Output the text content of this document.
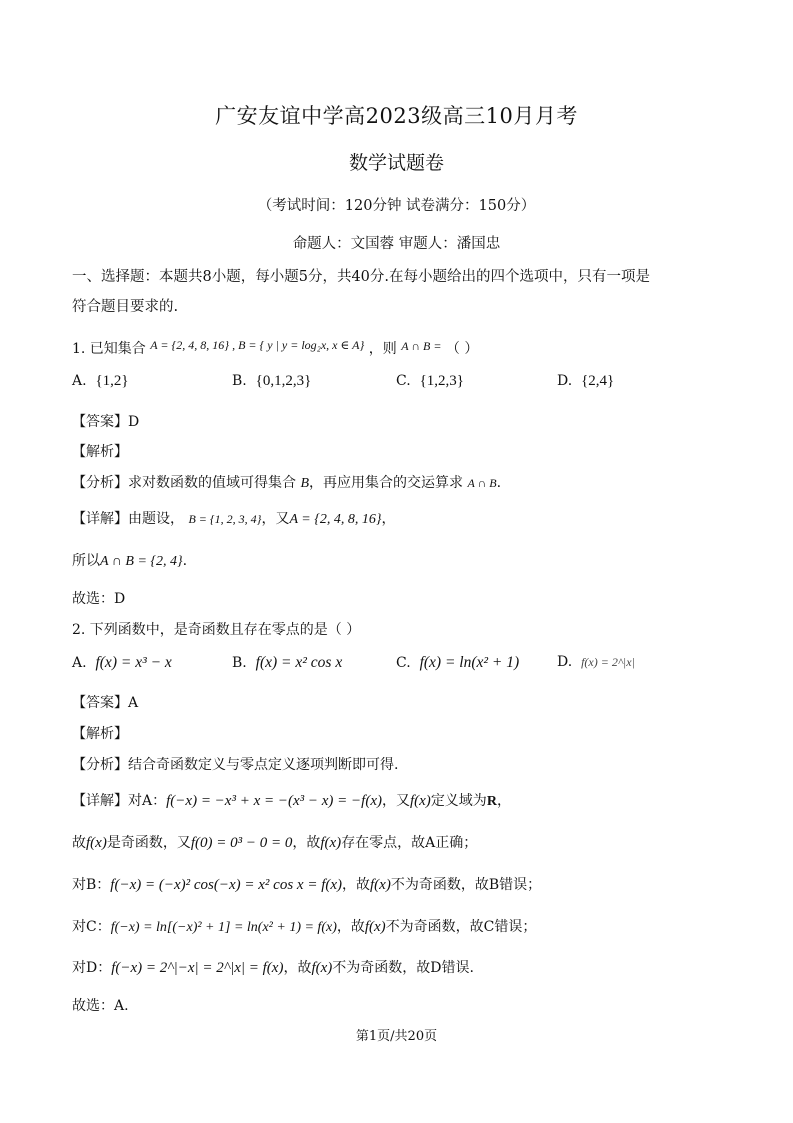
广安友谊中学高2023级高三10月月考
数学试题卷
（考试时间：120分钟 试卷满分：150分）
命题人：文国蓉 审题人：潘国忠
一、选择题：本题共8小题，每小题5分，共40分.在每小题给出的四个选项中，只有一项是
符合题目要求的.
1. 已知集合 A = {2, 4, 8, 16} , B = { y | y = log₂x, x ∈ A} ，则 A ∩ B = （ ）
A. {1,2}	B. {0,1,2,3}	C. {1,2,3}	D. {2,4}
【答案】D
【解析】
【分析】求对数函数的值域可得集合 B，再应用集合的交运算求 A ∩ B.
【详解】由题设， B = {1, 2, 3, 4}，又A = {2, 4, 8, 16}，
所以A ∩ B = {2, 4}.
故选：D
2. 下列函数中，是奇函数且存在零点的是（ ）
A. f(x) = x³ − x	B. f(x) = x² cos x	C. f(x) = ln(x² + 1)	D. f(x) = 2^|x|
【答案】A
【解析】
【分析】结合奇函数定义与零点定义逐项判断即可得.
【详解】对A：f(−x) = −x³ + x = −(x³ − x) = −f(x)，又f(x)定义域为R，
故f(x)是奇函数，又f(0) = 0³ − 0 = 0，故f(x)存在零点，故A正确；
对B：f(−x) = (−x)² cos(−x) = x² cos x = f(x)，故f(x)不为奇函数，故B错误；
对C：f(−x) = ln[(−x)² + 1] = ln(x² + 1) = f(x)，故f(x)不为奇函数，故C错误；
对D：f(−x) = 2^|−x| = 2^|x| = f(x)，故f(x)不为奇函数，故D错误.
故选：A.
第1页/共20页
